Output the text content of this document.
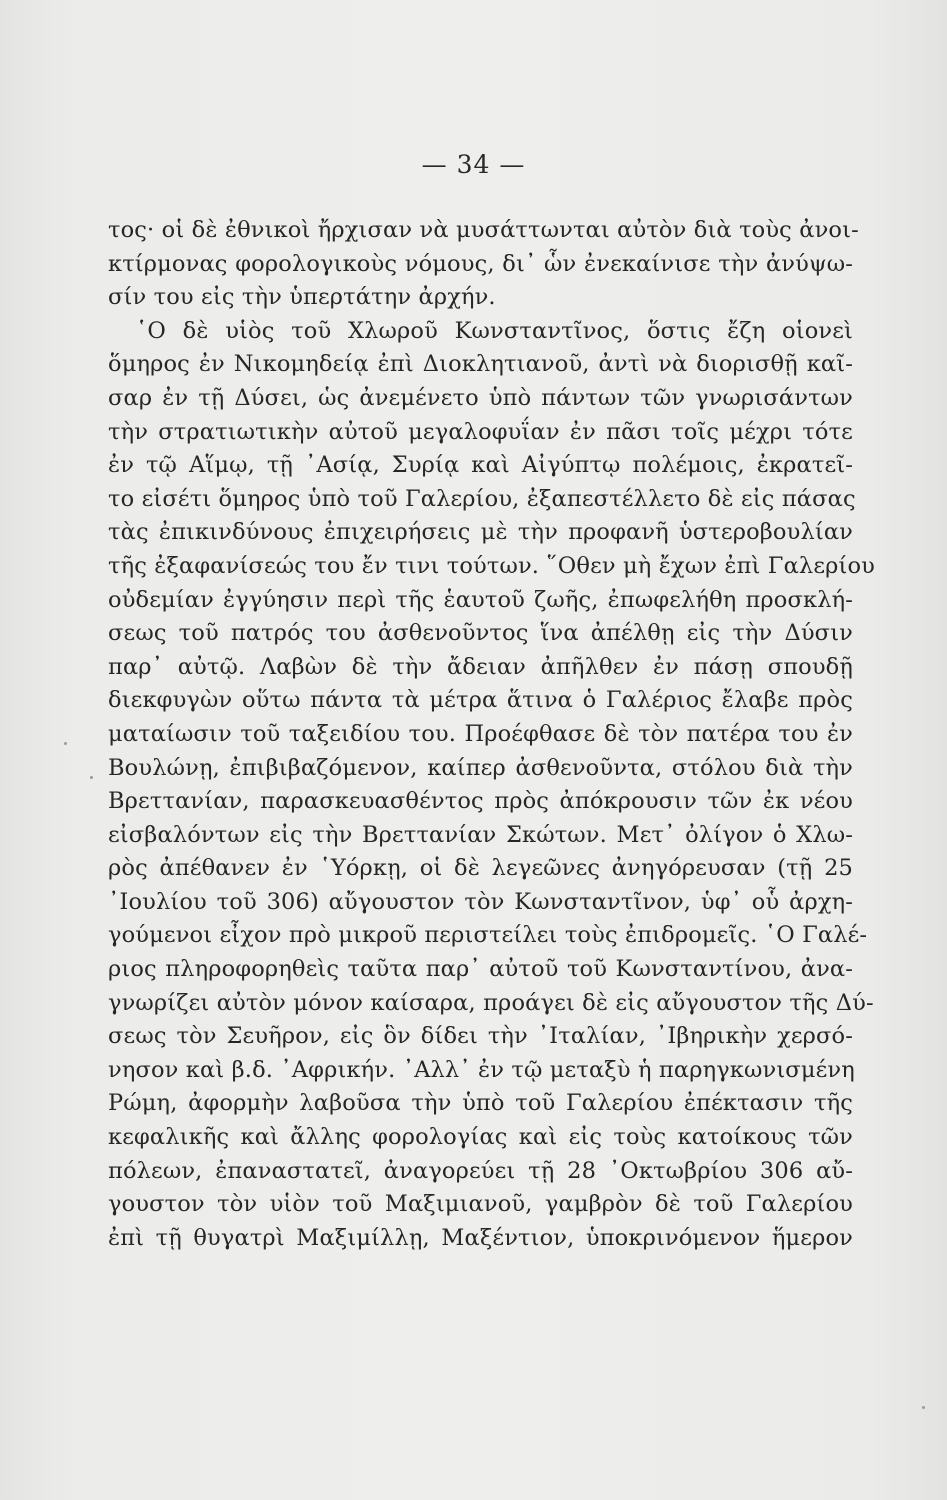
— 34 —
τος· οἱ δὲ ἐθνικοὶ ἤρχισαν νὰ μυσάττωνται αὐτὸν διὰ τοὺς ἀνοι-
κτίρμονας φορολογικοὺς νόμους, δι᾿ ὧν ἐνεκαίνισε τὴν ἀνύψω-
σίν του εἰς τὴν ὑπερτάτην ἀρχήν.
῾Ο δὲ υἱὸς τοῦ Χλωροῦ Κωνσταντῖνος, ὅστις ἔζη οἱονεὶ
ὅμηρος ἐν Νικομηδείᾳ ἐπὶ Διοκλητιανοῦ, ἀντὶ νὰ διορισθῇ καῖ-
σαρ ἐν τῇ Δύσει, ὡς ἀνεμένετο ὑπὸ πάντων τῶν γνωρισάντων
τὴν στρατιωτικὴν αὐτοῦ μεγαλοφυΐαν ἐν πᾶσι τοῖς μέχρι τότε
ἐν τῷ Αἵμῳ, τῇ ᾿Ασίᾳ, Συρίᾳ καὶ Αἰγύπτῳ πολέμοις, ἐκρατεῖ-
το εἰσέτι ὅμηρος ὑπὸ τοῦ Γαλερίου, ἐξαπεστέλλετο δὲ εἰς πάσας
τὰς ἐπικινδύνους ἐπιχειρήσεις μὲ τὴν προφανῆ ὑστεροβουλίαν
τῆς ἐξαφανίσεώς του ἔν τινι τούτων. ῞Οθεν μὴ ἔχων ἐπὶ Γαλερίου
οὐδεμίαν ἐγγύησιν περὶ τῆς ἑαυτοῦ ζωῆς, ἐπωφελήθη προσκλή-
σεως τοῦ πατρός του ἀσθενοῦντος ἵνα ἀπέλθῃ εἰς τὴν Δύσιν
παρ᾿ αὐτῷ. Λαβὼν δὲ τὴν ἄδειαν ἀπῆλθεν ἐν πάσῃ σπουδῇ
διεκφυγὼν οὕτω πάντα τὰ μέτρα ἅτινα ὁ Γαλέριος ἔλαβε πρὸς
ματαίωσιν τοῦ ταξειδίου του. Προέφθασε δὲ τὸν πατέρα του ἐν
Βουλώνῃ, ἐπιβιβαζόμενον, καίπερ ἀσθενοῦντα, στόλου διὰ τὴν
Βρεττανίαν, παρασκευασθέντος πρὸς ἀπόκρουσιν τῶν ἐκ νέου
εἰσβαλόντων εἰς τὴν Βρεττανίαν Σκώτων. Μετ᾿ ὀλίγον ὁ Χλω-
ρὸς ἀπέθανεν ἐν ῾Υόρκῃ, οἱ δὲ λεγεῶνες ἀνηγόρευσαν (τῇ 25
᾿Ιουλίου τοῦ 306) αὔγουστον τὸν Κωνσταντῖνον, ὑφ᾿ οὗ ἀρχη-
γούμενοι εἶχον πρὸ μικροῦ περιστείλει τοὺς ἐπιδρομεῖς. ῾Ο Γαλέ-
ριος πληροφορηθεὶς ταῦτα παρ᾿ αὐτοῦ τοῦ Κωνσταντίνου, ἀνα-
γνωρίζει αὐτὸν μόνον καίσαρα, προάγει δὲ εἰς αὔγουστον τῆς Δύ-
σεως τὸν Σευῆρον, εἰς ὃν δίδει τὴν ᾿Ιταλίαν, ᾿Ιβηρικὴν χερσό-
νησον καὶ β.δ. ᾿Αφρικήν. ᾿Αλλ᾿ ἐν τῷ μεταξὺ ἡ παρηγκωνισμένη
Ρώμη, ἀφορμὴν λαβοῦσα τὴν ὑπὸ τοῦ Γαλερίου ἐπέκτασιν τῆς
κεφαλικῆς καὶ ἄλλης φορολογίας καὶ εἰς τοὺς κατοίκους τῶν
πόλεων, ἐπαναστατεῖ, ἀναγορεύει τῇ 28 ᾿Οκτωβρίου 306 αὔ-
γουστον τὸν υἱὸν τοῦ Μαξιμιανοῦ, γαμβρὸν δὲ τοῦ Γαλερίου
ἐπὶ τῇ θυγατρὶ Μαξιμίλλῃ, Μαξέντιον, ὑποκρινόμενον ἥμερον
